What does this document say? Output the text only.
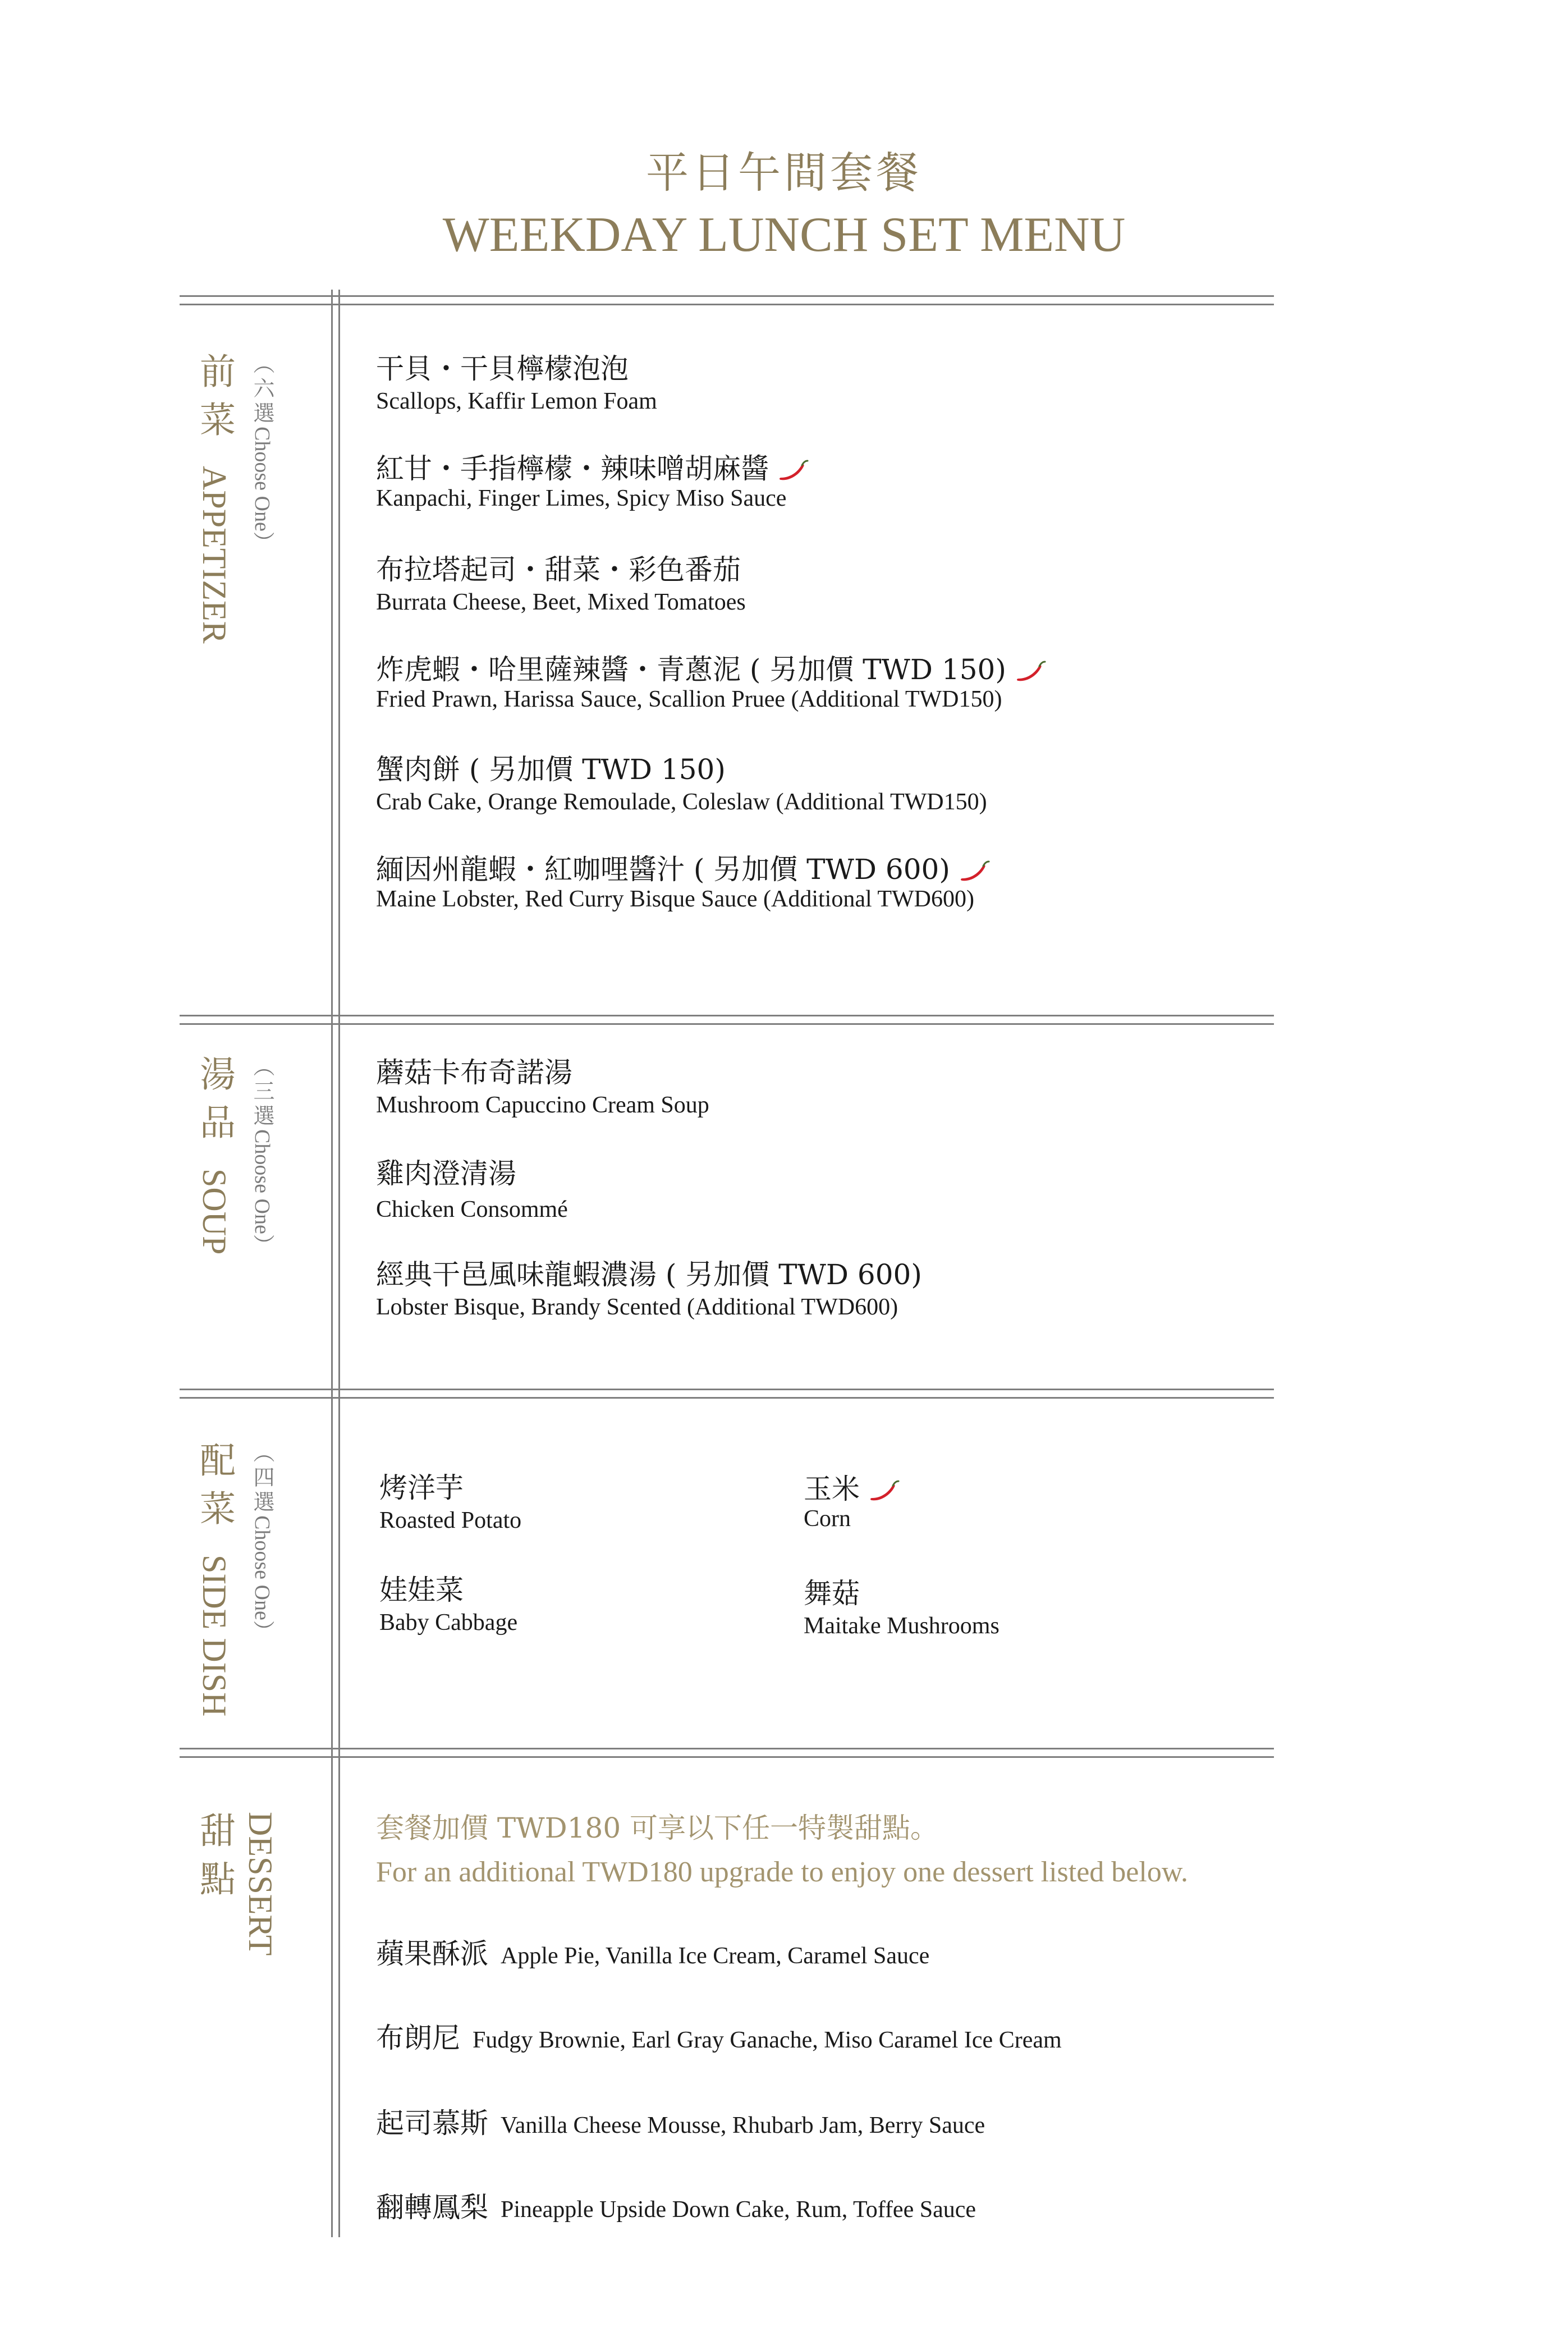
平日午間套餐
WEEKDAY LUNCH SET MENU
前菜APPETIZER
（六選Choose One）
干貝・干貝檸檬泡泡
Scallops, Kaffir Lemon Foam
紅甘・手指檸檬・辣味噌胡麻醬
Kanpachi, Finger Limes, Spicy Miso Sauce
布拉塔起司・甜菜・彩色番茄
Burrata Cheese, Beet, Mixed Tomatoes
炸虎蝦・哈里薩辣醬・青蔥泥 ( 另加價 TWD 150)
Fried Prawn, Harissa Sauce, Scallion Pruee (Additional TWD150)
蟹肉餅 ( 另加價 TWD 150)
Crab Cake, Orange Remoulade, Coleslaw (Additional TWD150)
緬因州龍蝦・紅咖哩醬汁 ( 另加價 TWD 600)
Maine Lobster, Red Curry Bisque Sauce (Additional TWD600)
湯品SOUP
（三選Choose One）
蘑菇卡布奇諾湯
Mushroom Capuccino Cream Soup
雞肉澄清湯
Chicken Consommé
經典干邑風味龍蝦濃湯 ( 另加價 TWD 600)
Lobster Bisque, Brandy Scented (Additional TWD600)
配菜SIDE DISH
（四選Choose One）
烤洋芋
Roasted Potato
玉米
Corn
娃娃菜
Baby Cabbage
舞菇
Maitake Mushrooms
甜點 DESSERT	套餐加價 TWD180 可享以下任一特製甜點。
For an additional TWD180 upgrade to enjoy one dessert listed below.
蘋果酥派 Apple Pie, Vanilla Ice Cream, Caramel Sauce
布朗尼 Fudgy Brownie, Earl Gray Ganache, Miso Caramel Ice Cream
起司慕斯 Vanilla Cheese Mousse, Rhubarb Jam, Berry Sauce
翻轉鳳梨 Pineapple Upside Down Cake, Rum, Toffee Sauce
